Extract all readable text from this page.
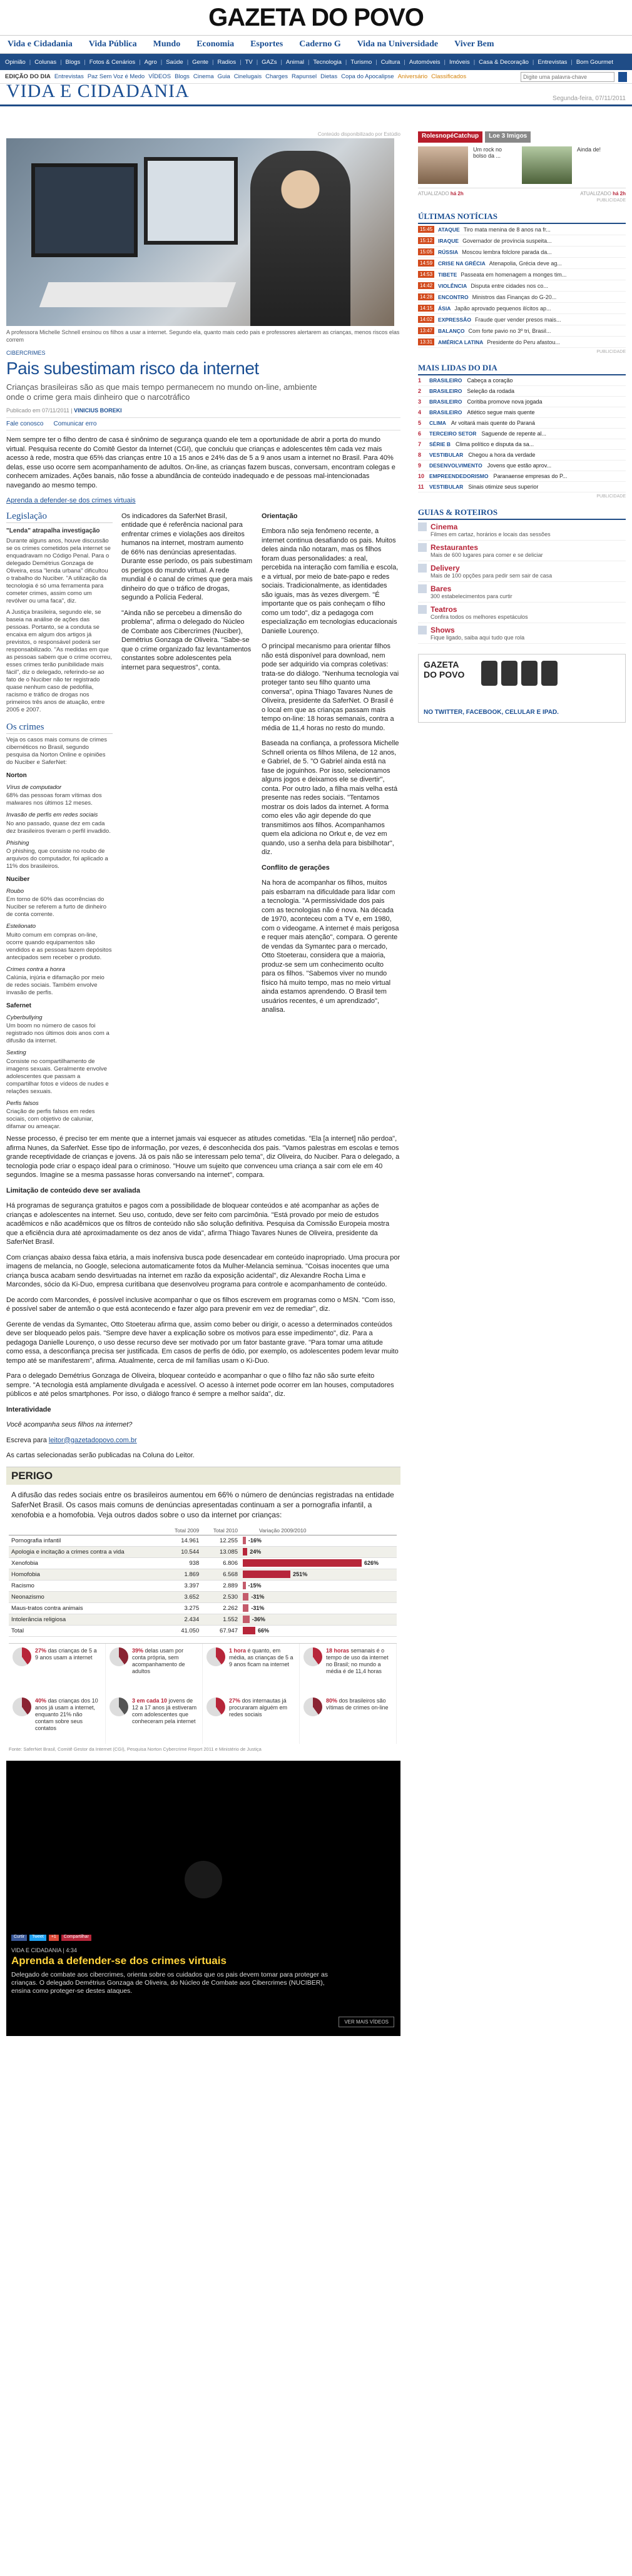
GAZETA DO POVO
Vida e Cidadania Vida Pública Mundo Economia Esportes Caderno G Vida na Universidade Viver Bem
Opinião | Colunas | Blogs | Fotos & Cenários | Agro | Saúde | Gente | Radios | TV | GAZs | Animal | Tecnologia | Turismo | Cultura | Automóveis | Imóveis | Casa & Decoração | Entrevistas | Bom Gourmet
EDIÇÃO DO DIA Entrevistas Paz Sem Voz é Medo VÍDEOS Blogs Cinema Guia Cinelugais Charges Rapunsel Dietas Copa do Apocalipse Aniversário Classificados
Digite uma palavra-chave
VIDA E CIDADANIA	Segunda-feira, 07/11/2011
Conteúdo disponibilizado por Estúdio
A professora Michelle Schnell ensinou os filhos a usar a internet. Segundo ela, quanto mais cedo pais e professores alertarem as crianças, menos riscos elas correm
CIBERCRIMES
Pais subestimam risco da internet
Crianças brasileiras são as que mais tempo permanecem no mundo on-line, ambiente onde o crime gera mais dinheiro que o narcotráfico
Publicado em 07/11/2011 | VINICIUS BOREKI
Fale conosco Comunicar erro

Nem sempre ter o filho dentro de casa é sinônimo de segurança quando ele tem a oportunidade de abrir a porta do mundo virtual. Pesquisa recente do Comitê Gestor da Internet (CGI), que concluiu que crianças e adolescentes têm cada vez mais acesso à rede, mostra que 65% das crianças entre 10 a 15 anos e 24% das de 5 a 9 anos usam a internet no Brasil. Para 40% delas, esse uso ocorre sem acompanhamento de adultos. On-line, as crianças fazem buscas, conversam, encontram colegas e conhecem amizades. Ações banais, não fosse a abundância de conteúdo inadequado e de pessoas mal-intencionadas navegando ao mesmo tempo.

Aprenda a defender-se dos crimes virtuais

Legislação
"Lenda" atrapalha investigação

Durante alguns anos, houve discussão se os crimes cometidos pela internet se enquadravam no Código Penal. Para o delegado Demétrius Gonzaga de Oliveira, essa "lenda urbana" dificultou o trabalho do Nuciber. "A utilização da tecnologia é só uma ferramenta para cometer crimes, assim como um revólver ou uma faca", diz.

A Justiça brasileira, segundo ele, se baseia na análise de ações das pessoas. Portanto, se a conduta se encaixa em algum dos artigos já previstos, o responsável poderá ser responsabilizado. "As medidas em que as pessoas sabem que o crime ocorreu, esses crimes terão punibilidade mais fácil", diz o delegado, referindo-se ao fato de o Nuciber não ter registrado quase nenhum caso de pedofilia, racismo e tráfico de drogas nos primeiros três anos de atuação, entre 2005 e 2007.

Os crimes

Veja os casos mais comuns de crimes cibernéticos no Brasil, segundo pesquisa da Norton Online e opiniões do Nuciber e SaferNet:

Norton
Vírus de computador

68% das pessoas foram vítimas dos malwares nos últimos 12 meses.

Invasão de perfis em redes sociais

No ano passado, quase dez em cada dez brasileiros tiveram o perfil invadido.

Phishing

O phishing, que consiste no roubo de arquivos do computador, foi aplicado a 11% dos brasileiros.

Nuciber
Roubo

Em torno de 60% das ocorrências do Nuciber se referem a furto de dinheiro de conta corrente.

Estelionato

Muito comum em compras on-line, ocorre quando equipamentos são vendidos e as pessoas fazem depósitos antecipados sem receber o produto.

Crimes contra a honra

Calúnia, injúria e difamação por meio de redes sociais. Também envolve invasão de perfis.

Safernet
Cyberbullying

Um boom no número de casos foi registrado nos últimos dois anos com a difusão da internet.

Sexting

Consiste no compartilhamento de imagens sexuais. Geralmente envolve adolescentes que passam a compartilhar fotos e vídeos de nudes e relações sexuais.

Perfis falsos

Criação de perfis falsos em redes sociais, com objetivo de caluniar, difamar ou ameaçar.

Os indicadores da SaferNet Brasil, entidade que é referência nacional para enfrentar crimes e violações aos direitos humanos na internet, mostram aumento de 66% nas denúncias apresentadas. Durante esse período, os pais subestimam os perigos do mundo virtual. A rede mundial é o canal de crimes que gera mais dinheiro do que o tráfico de drogas, segundo a Polícia Federal.

"Ainda não se percebeu a dimensão do problema", afirma o delegado do Núcleo de Combate aos Cibercrimes (Nuciber), Demétrius Gonzaga de Oliveira. "Sabe-se que o crime organizado faz levantamentos constantes sobre adolescentes pela internet para sequestros", conta.

Orientação

Embora não seja fenômeno recente, a internet continua desafiando os pais. Muitos deles ainda não notaram, mas os filhos foram duas personalidades: a real, percebida na interação com família e escola, e a virtual, por meio de bate-papo e redes sociais. Tradicionalmente, as identidades são iguais, mas às vezes divergem. "É importante que os pais conheçam o filho como um todo", diz a pedagoga com especialização em tecnologias educacionais Danielle Lourenço.

O principal mecanismo para orientar filhos não está disponível para download, nem pode ser adquirido via compras coletivas: trata-se do diálogo. "Nenhuma tecnologia vai proteger tanto seu filho quanto uma conversa", opina Thiago Tavares Nunes de Oliveira, presidente da SaferNet. O Brasil é o local em que as crianças passam mais tempo on-line: 18 horas semanais, contra a média de 11,4 horas no resto do mundo.

Baseada na confiança, a professora Michelle Schnell orienta os filhos Milena, de 12 anos, e Gabriel, de 5. "O Gabriel ainda está na fase de joguinhos. Por isso, selecionamos alguns jogos e deixamos ele se divertir", conta. Por outro lado, a filha mais velha está presente nas redes sociais. "Tentamos mostrar os dois lados da internet. A forma como eles vão agir depende do que transmitimos aos filhos. Acompanhamos quem ela adiciona no Orkut e, de vez em quando, uso a senha dela para bisbilhotar", diz.

Conflito de gerações

Na hora de acompanhar os filhos, muitos pais esbarram na dificuldade para lidar com a tecnologia. "A permissividade dos pais com as tecnologias não é nova. Na década de 1970, aconteceu com a TV e, em 1980, com o videogame. A internet é mais perigosa e requer mais atenção", compara. O gerente de vendas da Symantec para o mercado, Otto Stoeterau, considera que a maioria, produz-se sem um conhecimento oculto para os filhos. "Sabemos viver no mundo físico há muito tempo, mas no meio virtual ainda estamos aprendendo. O Brasil tem usuários recentes, é um aprendizado", analisa.

Nesse processo, é preciso ter em mente que a internet jamais vai esquecer as atitudes cometidas. "Ela [a internet] não perdoa", afirma Nunes, da SaferNet. Esse tipo de informação, por vezes, é desconhecida dos pais. "Vamos palestras em escolas e temos grande receptividade de crianças e jovens. Já os pais não se interessam pelo tema", diz Oliveira, do Nuciber. Para o delegado, a tecnologia pode criar o espaço ideal para o criminoso. "Houve um sujeito que convenceu uma criança a sair com ele em 40 segundos. Imagine se a mesma passasse horas conversando na internet", compara.

Limitação de conteúdo deve ser avaliada

Há programas de segurança gratuitos e pagos com a possibilidade de bloquear conteúdos e até acompanhar as ações de crianças e adolescentes na internet. Seu uso, contudo, deve ser feito com parcimônia. "Está provado por meio de estudos acadêmicos e não acadêmicos que os filtros de conteúdo não são solução definitiva. Pesquisa da Comissão Europeia mostra que a eficiência dura até aproximadamente os dez anos de vida", afirma Thiago Tavares Nunes de Oliveira, presidente da SaferNet Brasil.

Com crianças abaixo dessa faixa etária, a mais inofensiva busca pode desencadear em conteúdo inapropriado. Uma procura por imagens de melancia, no Google, seleciona automaticamente fotos da Mulher-Melancia seminua. "Coisas inocentes que uma criança busca acabam sendo desvirtuadas na internet em razão da exposição acidental", diz Alexandre Rocha Lima e Marcondes, sócio da Ki-Duo, empresa curitibana que desenvolveu programa para controle e acompanhamento de conteúdo.

De acordo com Marcondes, é possível inclusive acompanhar o que os filhos escrevem em programas como o MSN. "Com isso, é possível saber de antemão o que está acontecendo e fazer algo para prevenir em vez de remediar", diz.

Gerente de vendas da Symantec, Otto Stoeterau afirma que, assim como beber ou dirigir, o acesso a determinados conteúdos deve ser bloqueado pelos pais. "Sempre deve haver a explicação sobre os motivos para esse impedimento", diz. Para a pedagoga Danielle Lourenço, o uso desse recurso deve ser motivado por um fator bastante grave. "Para tomar uma atitude como essa, a desconfiança precisa ser justificada. Em casos de perfis de ódio, por exemplo, os adolescentes podem levar muito tempo até se manifestarem", afirma. Atualmente, cerca de mil famílias usam o Ki-Duo.

Para o delegado Demétrius Gonzaga de Oliveira, bloquear conteúdo e acompanhar o que o filho faz não são surte efeito sempre. "A tecnologia está amplamente divulgada e acessível. O acesso à internet pode ocorrer em lan houses, computadores públicos e até pelos smartphones. Por isso, o diálogo franco é sempre a melhor saída", diz.

Interatividade

Você acompanha seus filhos na internet?

Escreva para leitor@gazetadopovo.com.br

As cartas selecionadas serão publicadas na Coluna do Leitor.

PERIGO
A difusão das redes sociais entre os brasileiros aumentou em 66% o número de denúncias registradas na entidade SaferNet Brasil. Os casos mais comuns de denúncias apresentadas continuam a ser a pornografia infantil, a xenofobia e a homofobia. Veja outros dados sobre o uso da internet por crianças:
	Total 2009	Total 2010	Variação 2009/2010
Pornografia infantil	14.961	12.255	-16%
Apologia e incitação a crimes contra a vida	10.544	13.085	24%
Xenofobia	938	6.806	626%
Homofobia	1.869	6.568	251%
Racismo	3.397	2.889	-15%
Neonazismo	3.652	2.530	-31%
Maus-tratos contra animais	3.275	2.262	-31%
Intolerância religiosa	2.434	1.552	-36%
Total	41.050	67.947	66%

27% das crianças de 5 a 9 anos usam a internet

39% delas usam por conta própria, sem acompanhamento de adultos

1 hora é quanto, em média, as crianças de 5 a 9 anos ficam na internet

18 horas semanais é o tempo de uso da internet no Brasil; no mundo a média é de 11,4 horas

40% das crianças dos 10 anos já usam a internet, enquanto 21% não contam sobre seus contatos

3 em cada 10 jovens de 12 a 17 anos já estiveram com adolescentes que conheceram pela internet

27% dos internautas já procuraram alguém em redes sociais

80% dos brasileiros são vítimas de crimes on-line

Fonte: SaferNet Brasil, Comitê Gestor da Internet (CGI), Pesquisa Norton Cybercrime Report 2011 e Ministério de Justiça
Curtir	Tweet	+1	Compartilhar
VIDA E CIDADANIA | 4:34
Aprenda a defender-se dos crimes virtuais

Delegado de combate aos cibercrimes, orienta sobre os cuidados que os pais devem tomar para proteger as crianças. O delegado Demétrius Gonzaga de Oliveira, do Núcleo de Combate aos Cibercrimes (NUCIBER), ensina como proteger-se destes ataques.

VER MAIS VÍDEOS
RolesnopéCatchup	Loe 3 Imigos

Um rock no bolso da ...

Ainda de!

ATUALIZADO há 2h	ATUALIZADO há 2h
PUBLICIDADE
ÚLTIMAS NOTÍCIAS
15:45	ATAQUE Tiro mata menina de 8 anos na fr...
15:12	IRAQUE Governador de província suspeita...
15:05	RÚSSIA Moscou lembra folclore parada da...
14:59	CRISE NA GRÉCIA Atenapolia, Grécia deve ag...
14:53	TIBETE Passeata em homenagem a monges tim...
14:42	VIOLÊNCIA Disputa entre cidades nos co...
14:28	ENCONTRO Ministros das Finanças do G-20...
14:15	ÁSIA Japão aprovado pequenos ilícitos ap...
14:02	EXPRESSÃO Fraude quer vender presos mais...
13:47	BALANÇO Com forte pavio no 3º tri, Brasil...
13:31	AMÉRICA LATINA Presidente do Peru afastou...
PUBLICIDADE
MAIS LIDAS DO DIA
1	BRASILEIRO Cabeça a coração
2	BRASILEIRO Seleção da rodada
3	BRASILEIRO Coritiba promove nova jogada
4	BRASILEIRO Atlético segue mais quente
5	CLIMA Ar voltará mais quente do Paraná
6	TERCEIRO SETOR Saguende de repente al...
7	SÉRIE B Clima político e disputa da sa...
8	VESTIBULAR Chegou a hora da verdade
9	DESENVOLVIMENTO Jovens que estão aprov...
10 EMPREENDEDORISMO Paranaense empresas do P...
11 VESTIBULAR Sinais otimize seus superior
PUBLICIDADE
GUIAS & ROTEIROS
Cinema
Filmes em cartaz, horários e locais das sessões
Restaurantes
Mais de 600 lugares para comer e se deliciar
Delivery
Mais de 100 opções para pedir sem sair de casa
Bares
300 estabelecimentos para curtir
Teatros
Confira todos os melhores espetáculos
Shows
Fique ligado, saiba aqui tudo que rola
GAZETA DO POVO
NO TWITTER, FACEBOOK, CELULAR E IPAD.
